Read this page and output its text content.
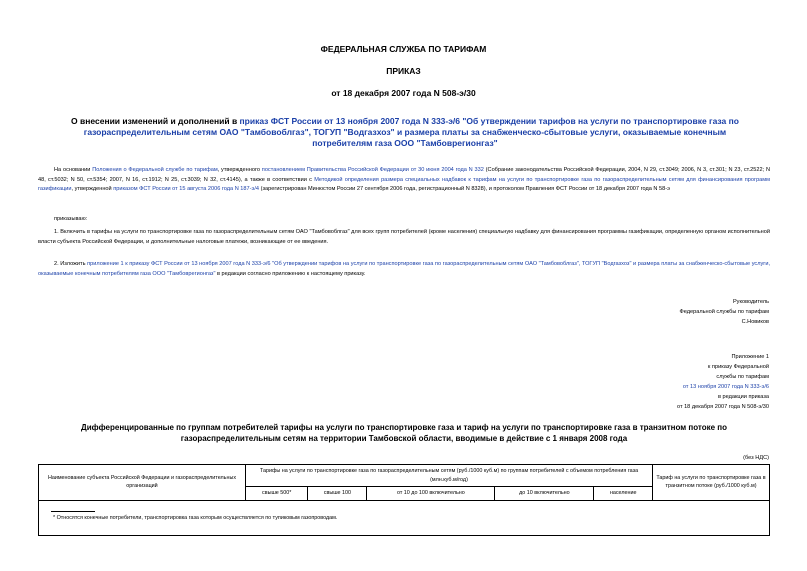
ФЕДЕРАЛЬНАЯ СЛУЖБА ПО ТАРИФАМ
ПРИКАЗ
от 18 декабря 2007 года N 508-э/30
О внесении изменений и дополнений в приказ ФСТ России от 13 ноября 2007 года N 333-э/6 "Об утверждении тарифов на услуги по транспортировке газа по газораспределительным сетям ОАО "Тамбовоблгаз", ТОГУП "Водгазхоз" и размера платы за снабженческо-сбытовые услуги, оказываемые конечным потребителям газа ООО "Тамбоврегионгаз"
На основании Положения о Федеральной службе по тарифам, утвержденного постановлением Правительства Российской Федерации от 30 июня 2004 года N 332 (Собрание законодательства Российской Федерации, 2004, N 29, ст.3049; 2006, N 3, ст.301; N 23, ст.2522; N 48, ст.5032; N 50, ст.5354; 2007, N 16, ст.1912; N 25, ст.3039; N 32, ст.4145), а также в соответствии с Методикой определения размера специальных надбавок к тарифам на услуги по транспортировке газа по газораспределительным сетям для финансирования программ газификации, утвержденной приказом ФСТ России от 15 августа 2006 года N 187-э/4 (зарегистрирован Минюстом России 27 сентября 2006 года, регистрационный N 8328), и протоколом Правления ФСТ России от 18 декабря 2007 года N 58-э
приказываю:
1. Включить в тарифы на услуги по транспортировке газа по газораспределительным сетям ОАО "Тамбовоблгаз" для всех групп потребителей (кроме населения) специальную надбавку для финансирования программы газификации, определенную органом исполнительной власти субъекта Российской Федерации, и дополнительные налоговые платежи, возникающие от ее введения.
2. Изложить приложение 1 к приказу ФСТ России от 13 ноября 2007 года N 333-э/6 "Об утверждении тарифов на услуги по транспортировке газа по газораспределительным сетям ОАО "Тамбовоблгаз", ТОГУП "Водгазхоз" и размера платы за снабженческо-сбытовые услуги, оказываемые конечным потребителям газа ООО "Тамбоврегионгаз" в редакции согласно приложению к настоящему приказу.
Руководитель
Федеральной службы по тарифам
С.Новиков
Приложение 1
к приказу Федеральной
службы по тарифам
от 13 ноября 2007 года N 333-э/6
в редакции приказа
от 18 декабря 2007 года N 508-э/30
Дифференцированные по группам потребителей тарифы на услуги по транспортировке газа и тариф на услуги по транспортировке газа в транзитном потоке по газораспределительным сетям на территории Тамбовской области, вводимые в действие с 1 января 2008 года
(без НДС)
Наименование субъекта Российской Федерации и газораспределительных организаций	Тарифы на услуги по транспортировке газа по газораспределительным сетям (руб./1000 куб.м) по группам потребителей с объемом потребления газа (млн.куб.м/год)					Тариф на услуги по транспортировке газа в транзитном потоке (руб./1000 куб.м)
	свыше 500*	свыше 100	от 10 до 100 включительно	до 10 включительно	население	
* Относятся конечные потребители, транспортировка газа которым осуществляется по тупиковым газопроводам.
